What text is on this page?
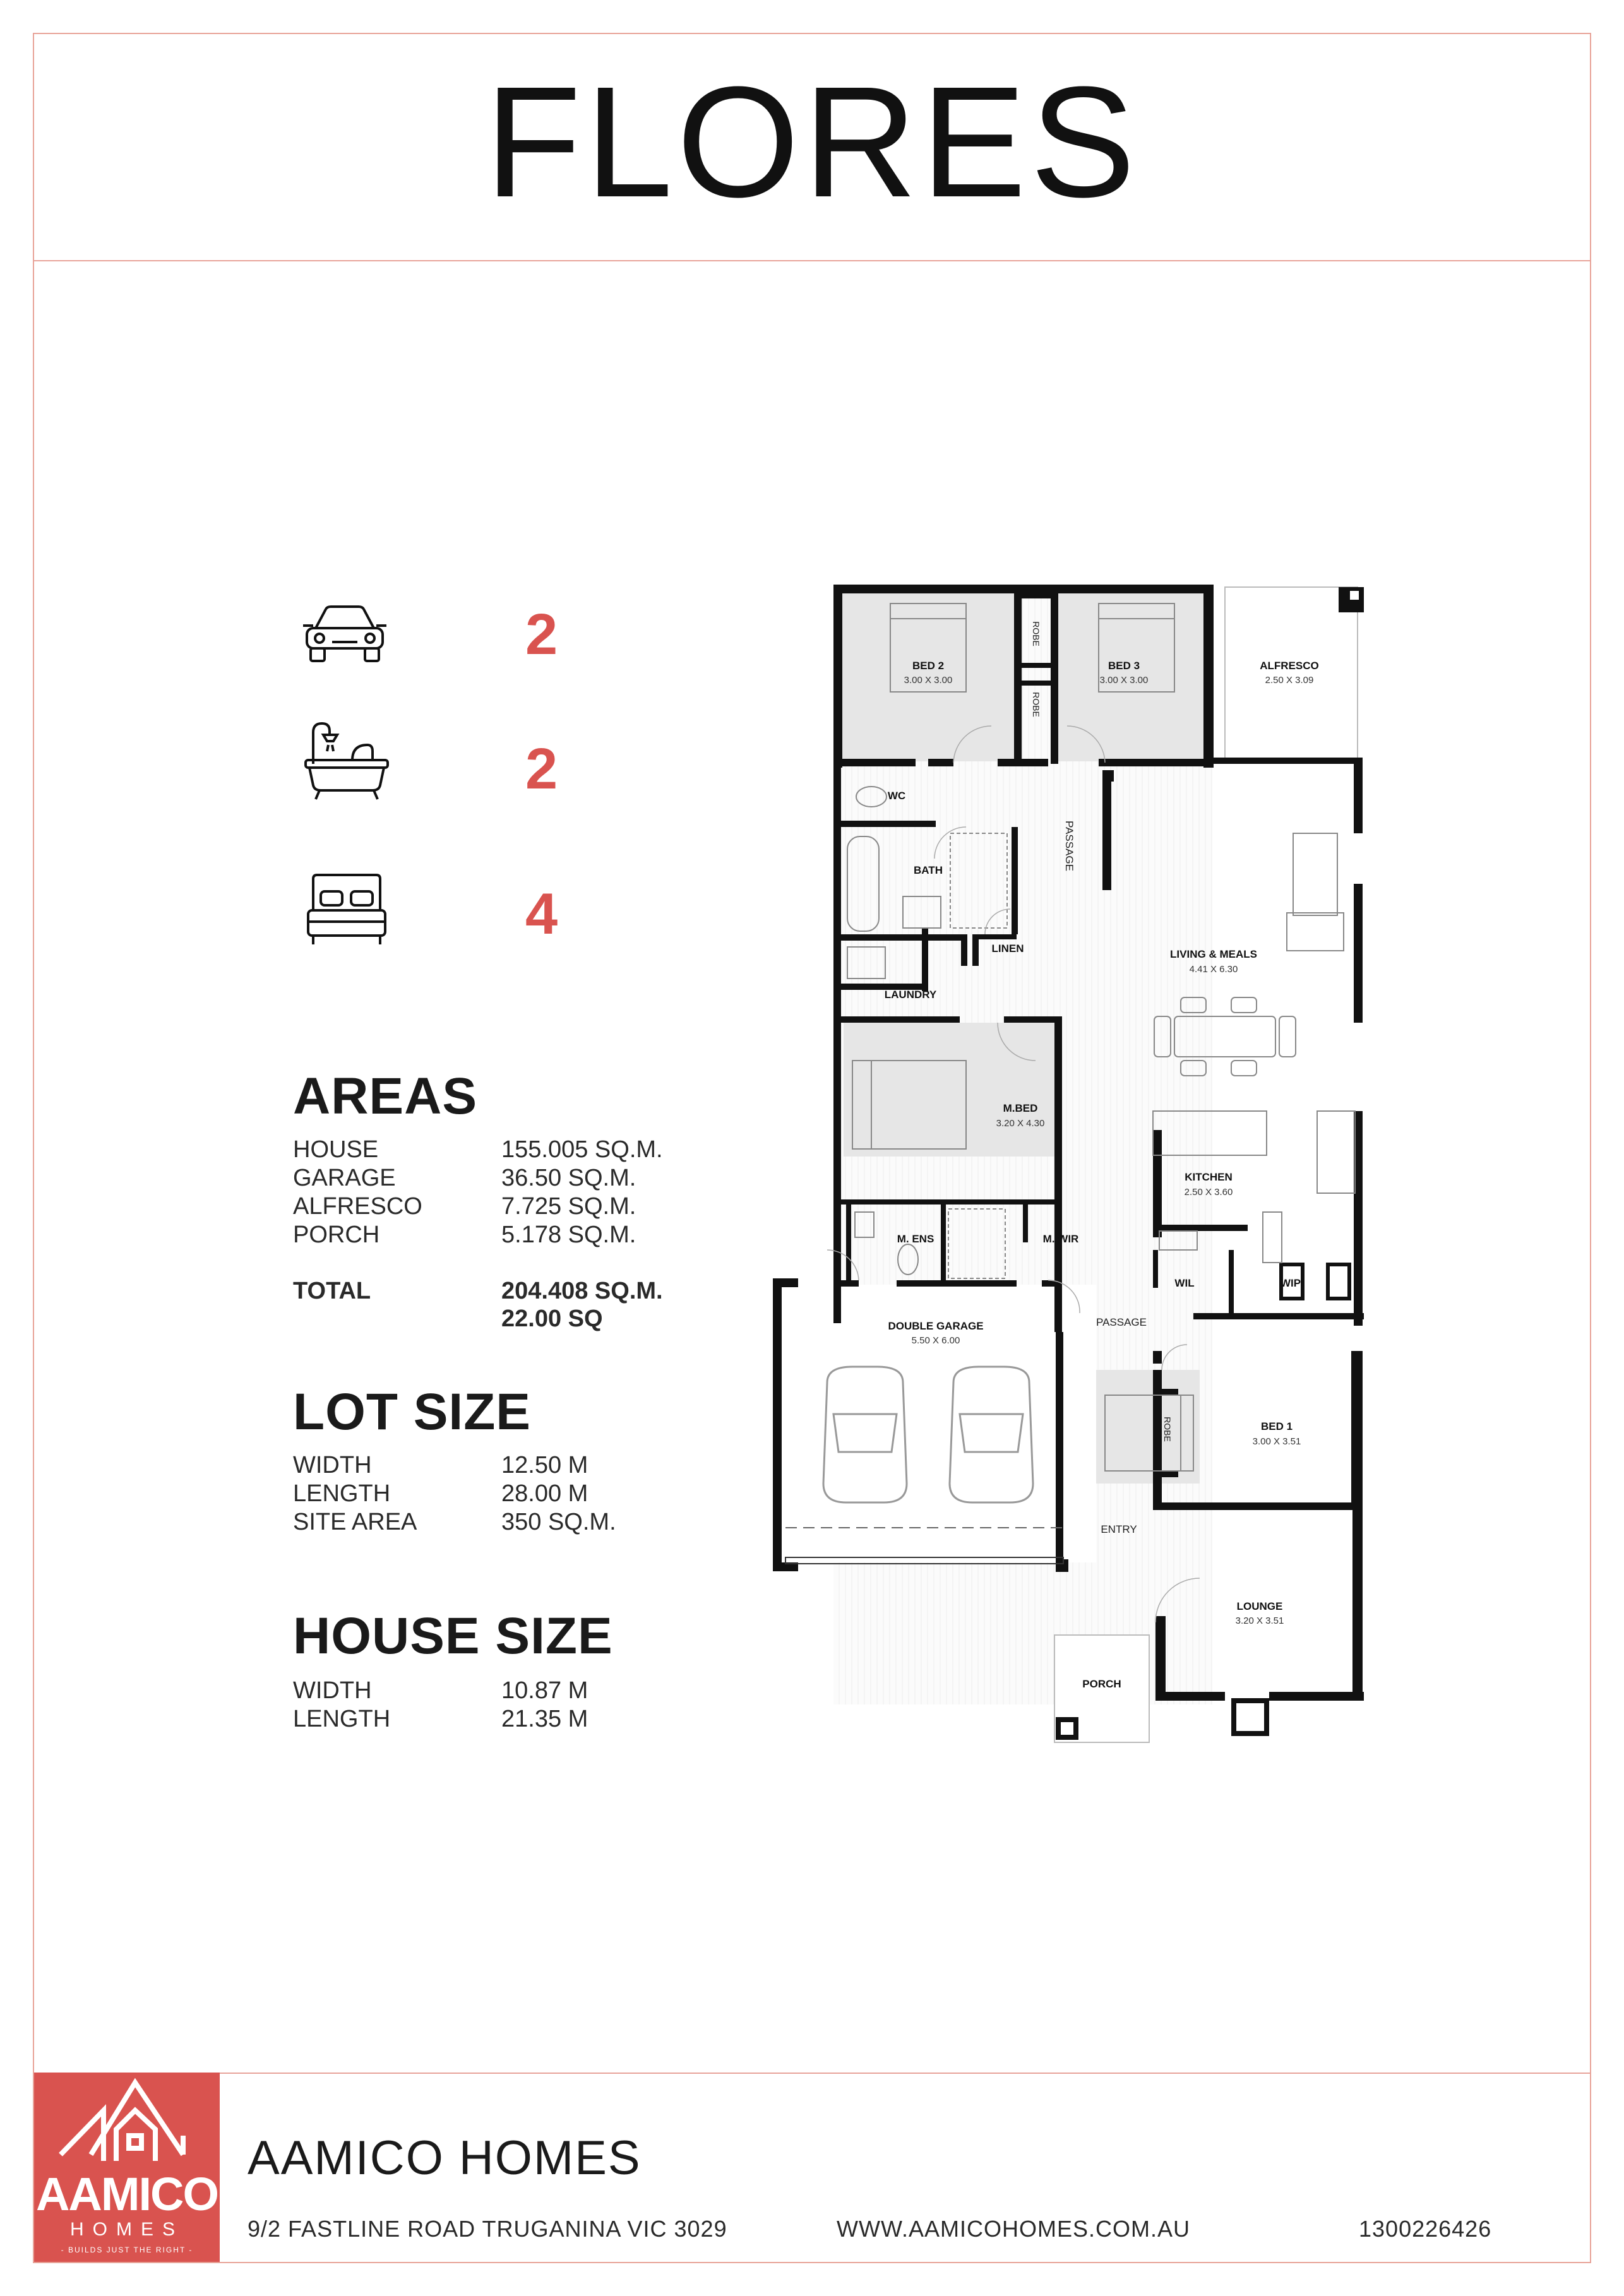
FLORES
2
2
4
AREAS
HOUSE	155.005 SQ.M.
GARAGE	36.50 SQ.M.
ALFRESCO	7.725 SQ.M.
PORCH	5.178 SQ.M.
TOTAL	204.408 SQ.M.
22.00 SQ
LOT SIZE
WIDTH	12.50 M
LENGTH	28.00 M
SITE AREA	350 SQ.M.
HOUSE SIZE
WIDTH	10.87 M
LENGTH	21.35 M
BED 2	BED 3	ALFRESCO
WC
BATH
LINEN
LAUNDRY
LIVING & MEALS
M.BED
KITCHEN
M. ENS	M. WIR
WIL	WIP
DOUBLE GARAGE
BED 1
LOUNGE
PORCH
3.00 X 3.00	3.00 X 3.00	2.50 X 3.09
4.41 X 6.30
3.20 X 4.30
2.50 X 3.60
5.50 X 6.00
3.00 X 3.51
3.20 X 3.51
PASSAGE
ENTRY
PASSAGE
ROBE
ROBE
ROBE
AAMICO
HOMES
- BUILDS JUST THE RIGHT -
AAMICO HOMES
9/2 FASTLINE ROAD TRUGANINA VIC 3029	WWW.AAMICOHOMES.COM.AU	1300226426
